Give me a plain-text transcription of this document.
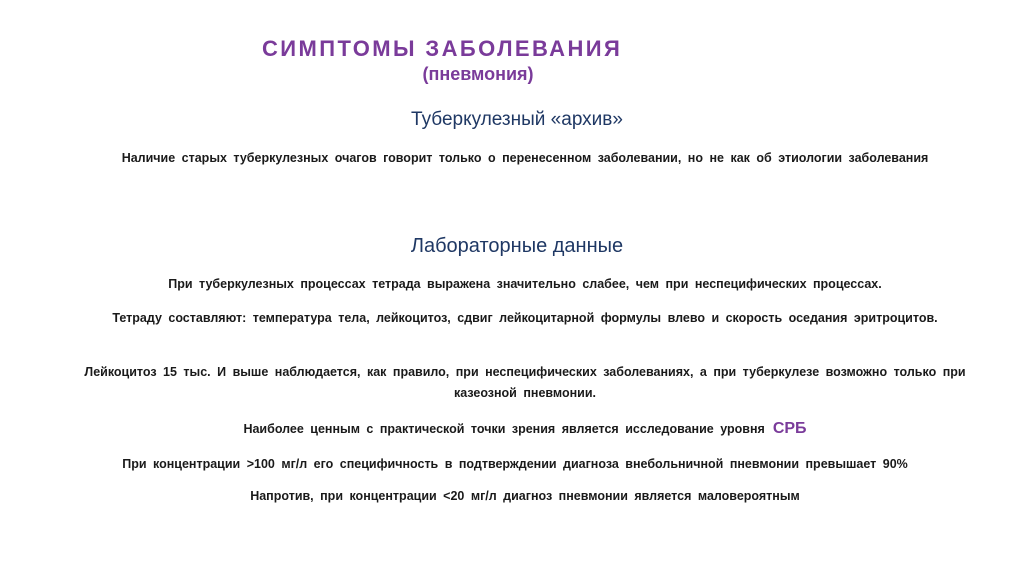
СИМПТОМЫ ЗАБОЛЕВАНИЯ
(пневмония)
Туберкулезный «архив»
Наличие старых туберкулезных очагов говорит только о перенесенном заболевании, но не как об этиологии заболевания
Лабораторные данные
При туберкулезных процессах тетрада выражена значительно слабее, чем при неспецифических процессах.
Тетраду составляют: температура тела, лейкоцитоз, сдвиг лейкоцитарной формулы влево и скорость оседания эритроцитов.
Лейкоцитоз 15 тыс. И выше наблюдается, как правило, при неспецифических заболеваниях, а при туберкулезе возможно только при казеозной пневмонии.
Наиболее ценным с практической точки зрения является исследование уровня СРБ
При концентрации >100 мг/л его специфичность в подтверждении диагноза внебольничной пневмонии превышает 90%
Напротив, при концентрации <20 мг/л диагноз пневмонии является маловероятным
